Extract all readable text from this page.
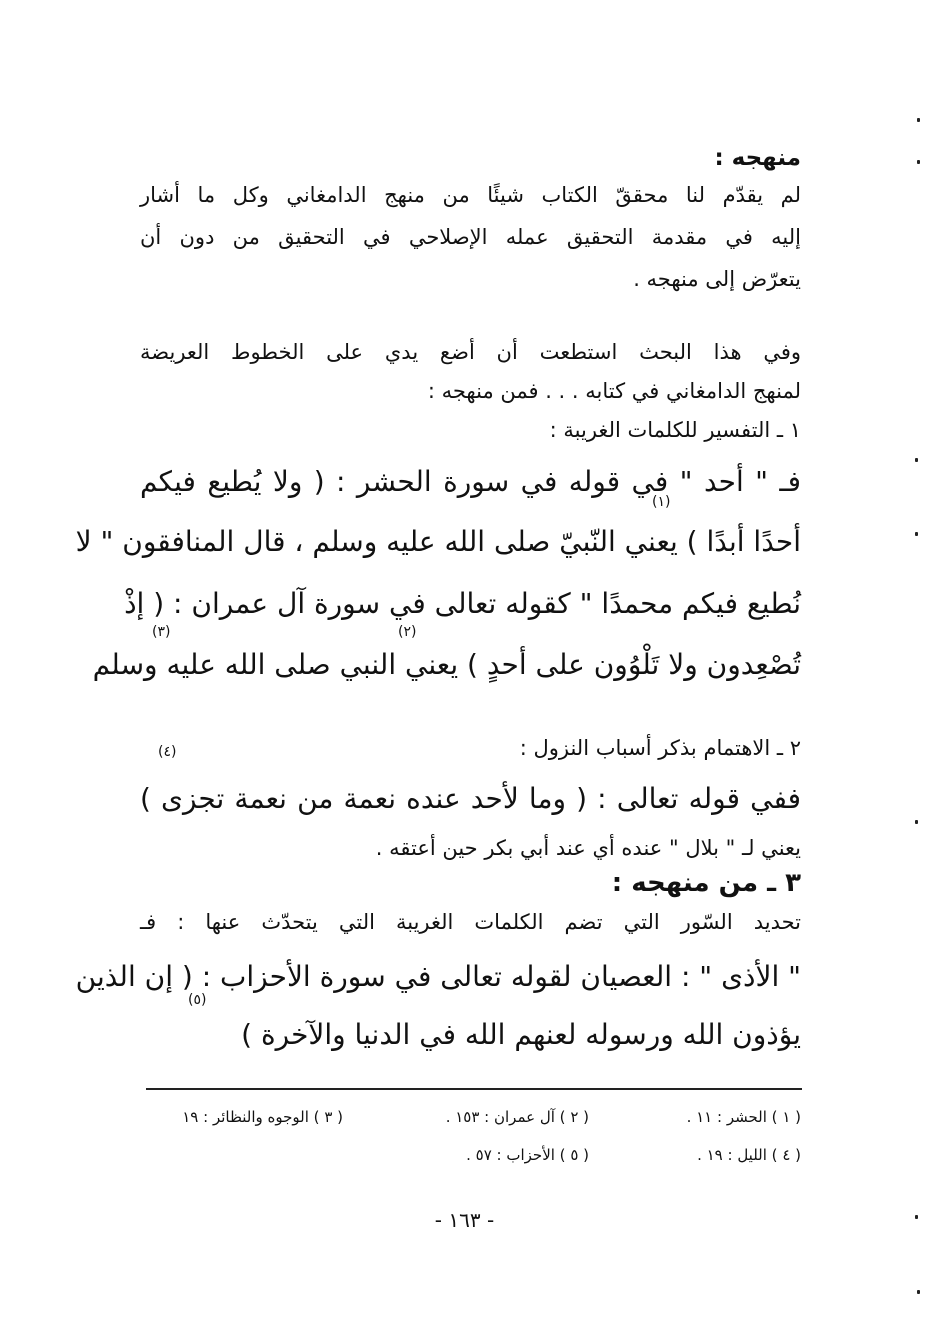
منهجه :
لم يقدّم لنا محققّ الكتاب شيئًا من منهج الدامغاني وكل ما أشار
إليه في مقدمة التحقيق عمله الإصلاحي في التحقيق من دون أن
يتعرّض إلى منهجه .
وفي هذا البحث استطعت أن أضع يدي على الخطوط العريضة
لمنهج الدامغاني في كتابه . . . فمن منهجه :
١ ـ التفسير للكلمات الغريبة :
فـ " أحد " في قوله في سورة الحشر : ( ولا يُطيع فيكم
(١)
أحدًا أبدًا ) يعني النّبيّ صلى الله عليه وسلم ، قال المنافقون " لا
نُطيع فيكم محمدًا " كقوله تعالى في سورة آل عمران : ( إذْ
(٢)
(٣)
تُصْعِدون ولا تَلْوُون على أحدٍ ) يعني النبي صلى الله عليه وسلم
٢ ـ الاهتمام بذكر أسباب النزول :
(٤)
ففي قوله تعالى : ( وما لأحد عنده نعمة من نعمة تجزى )
يعني لـ " بلال " عنده أي عند أبي بكر حين أعتقه .
٣ ـ من منهجه :
تحديد السّور التي تضم الكلمات الغريبة التي يتحدّث عنها : فـ
" الأذى " : العصيان لقوله تعالى في سورة الأحزاب : ( إن الذين
(٥)
يؤذون الله ورسوله لعنهم الله في الدنيا والآخرة )
( ١ ) الحشر : ١١ .
( ٢ ) آل عمران : ١٥٣ .
( ٣ ) الوجوه والنظائر : ١٩
( ٤ ) الليل : ١٩ .
( ٥ ) الأحزاب : ٥٧ .
- ١٦٣ -
